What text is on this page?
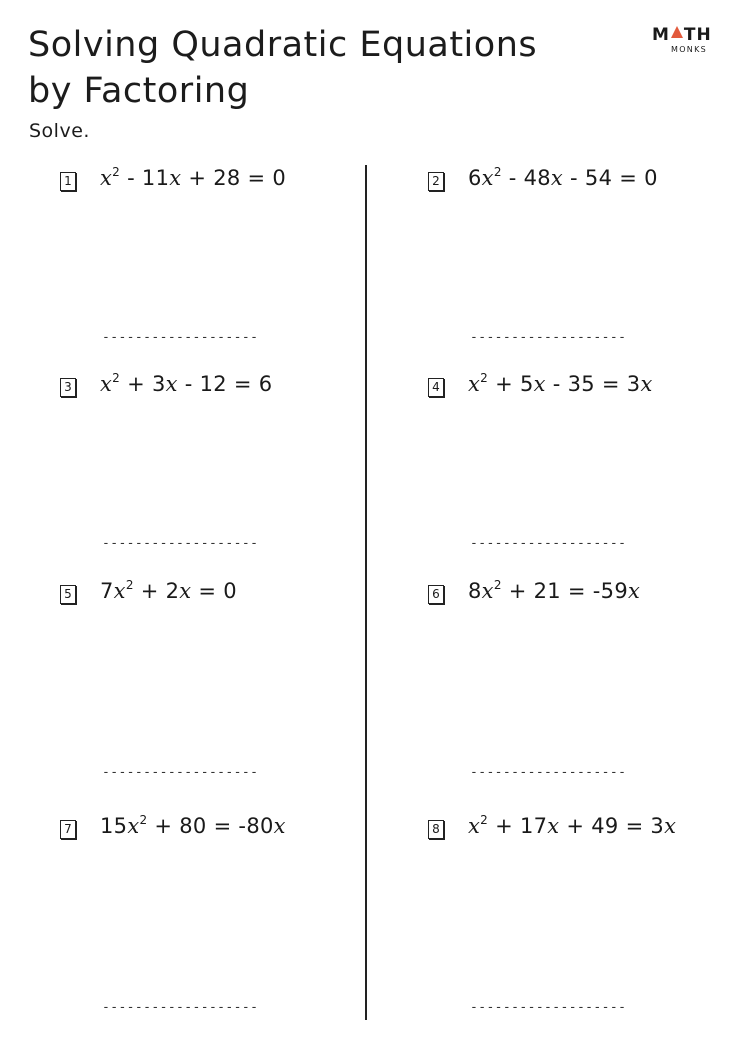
Solving Quadratic Equations
by Factoring
Solve.
M TH
MONKS
1 $x^2 - 11x + 28 = 0$
-------------------
2 $6x^2 - 48x - 54 = 0$
-------------------
3 $x^2 + 3x - 12 = 6$
-------------------
4 $x^2 + 5x - 35 = 3x$
-------------------
5 $7x^2 + 2x = 0$
-------------------
6 $8x^2 + 21 = -59x$
-------------------
7 $15x^2 + 80 = -80x$
-------------------
8 $x^2 + 17x + 49 = 3x$
-------------------
